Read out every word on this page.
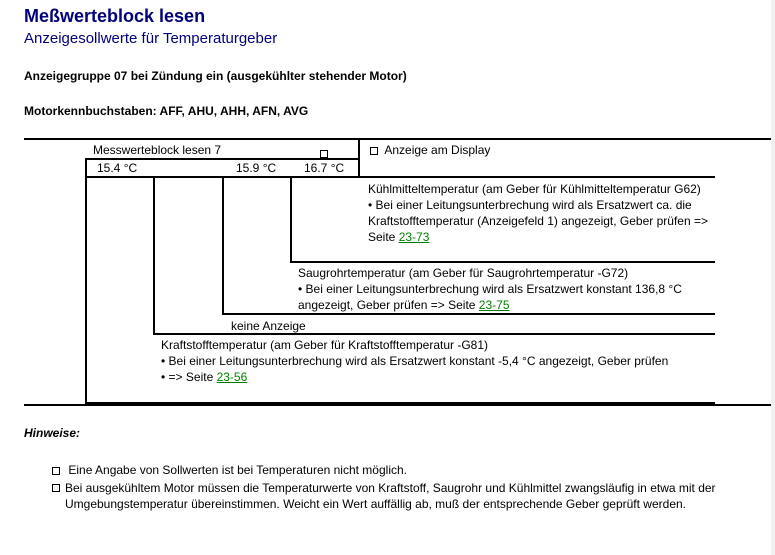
Meßwerteblock lesen
Anzeigesollwerte für Temperaturgeber
Anzeigegruppe 07 bei Zündung ein (ausgekühlter stehender Motor)
Motorkennbuchstaben: AFF, AHU, AHH, AFN, AVG
Messwerteblock lesen 7	Anzeige am Display
15.4 °C	15.9 °C 16.7 °C
Kühlmitteltemperatur (am Geber für Kühlmitteltemperatur G62)
• Bei einer Leitungsunterbrechung wird als Ersatzwert ca. die Kraftstofftemperatur (Anzeigefeld 1) angezeigt, Geber prüfen => Seite 23-73
Saugrohrtemperatur (am Geber für Saugrohrtemperatur -G72)
• Bei einer Leitungsunterbrechung wird als Ersatzwert konstant 136,8 °C angezeigt, Geber prüfen => Seite 23-75
keine Anzeige
Kraftstofftemperatur (am Geber für Kraftstofftemperatur -G81)
• Bei einer Leitungsunterbrechung wird als Ersatzwert konstant -5,4 °C angezeigt, Geber prüfen
• => Seite 23-56
Hinweise:
Eine Angabe von Sollwerten ist bei Temperaturen nicht möglich.
Bei ausgekühltem Motor müssen die Temperaturwerte von Kraftstoff, Saugrohr und Kühlmittel zwangsläufig in etwa mit der Umgebungstemperatur übereinstimmen. Weicht ein Wert auffällig ab, muß der entsprechende Geber geprüft werden.
